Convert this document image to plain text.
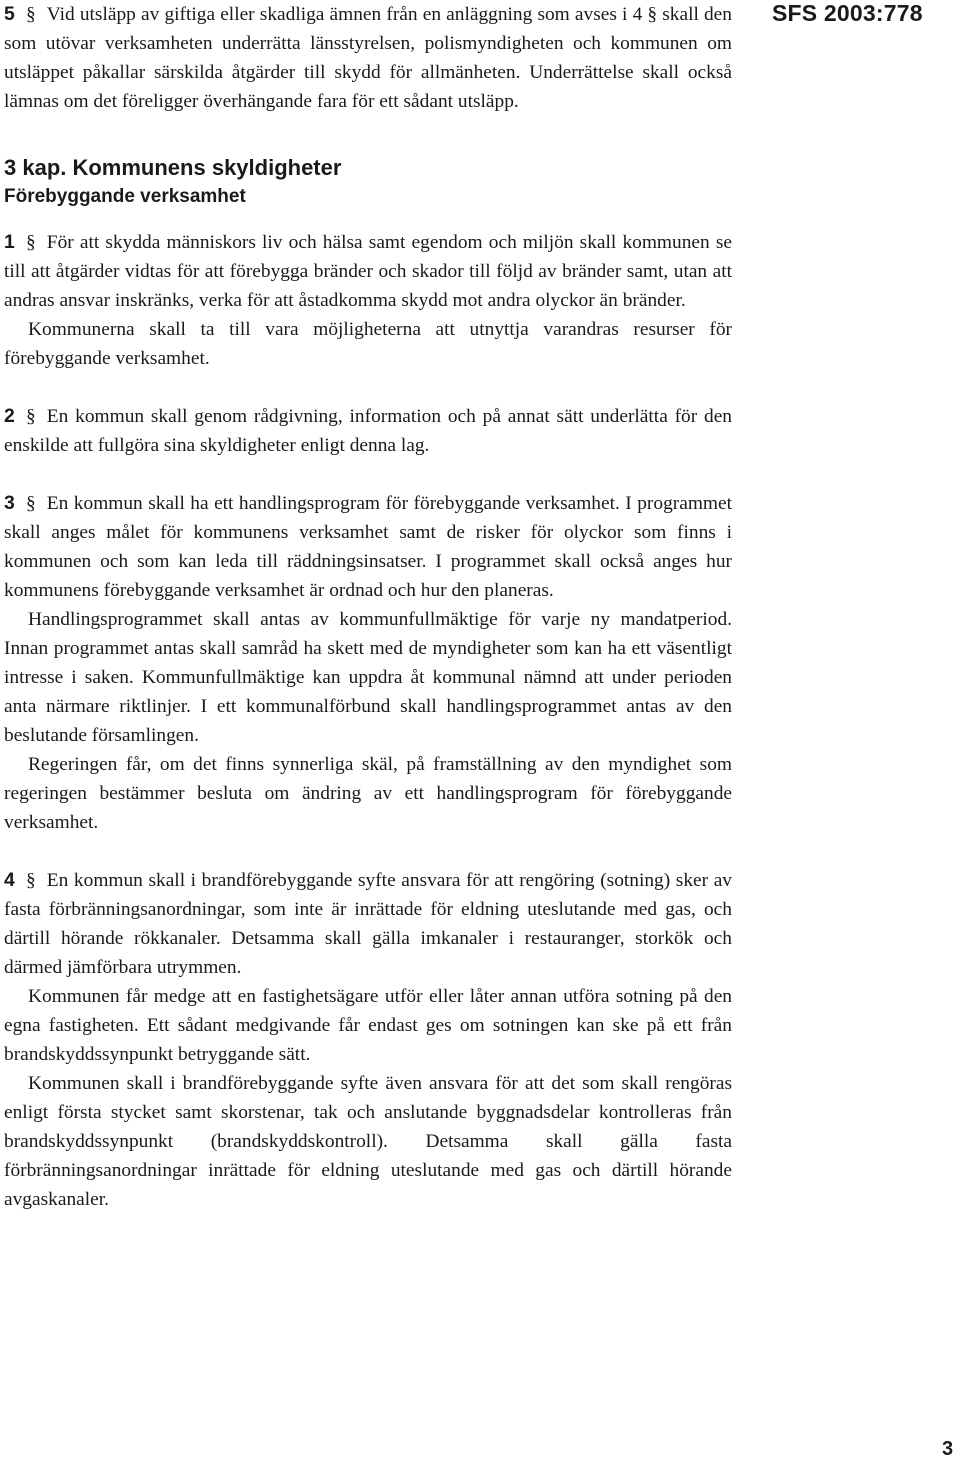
SFS 2003:778

5 § Vid utsläpp av giftiga eller skadliga ämnen från en anläggning som avses i 4 § skall den som utövar verksamheten underrätta länsstyrelsen, polismyndigheten och kommunen om utsläppet påkallar särskilda åtgärder till skydd för allmänheten. Underrättelse skall också lämnas om det föreligger överhängande fara för ett sådant utsläpp.

3 kap. Kommunens skyldigheter
Förebyggande verksamhet

1 § För att skydda människors liv och hälsa samt egendom och miljön skall kommunen se till att åtgärder vidtas för att förebygga bränder och skador till följd av bränder samt, utan att andras ansvar inskränks, verka för att åstadkomma skydd mot andra olyckor än bränder.

Kommunerna skall ta till vara möjligheterna att utnyttja varandras resurser för förebyggande verksamhet.

2 § En kommun skall genom rådgivning, information och på annat sätt underlätta för den enskilde att fullgöra sina skyldigheter enligt denna lag.

3 § En kommun skall ha ett handlingsprogram för förebyggande verksamhet. I programmet skall anges målet för kommunens verksamhet samt de risker för olyckor som finns i kommunen och som kan leda till räddningsinsatser. I programmet skall också anges hur kommunens förebyggande verksamhet är ordnad och hur den planeras.

Handlingsprogrammet skall antas av kommunfullmäktige för varje ny mandatperiod. Innan programmet antas skall samråd ha skett med de myndigheter som kan ha ett väsentligt intresse i saken. Kommunfullmäktige kan uppdra åt kommunal nämnd att under perioden anta närmare riktlinjer. I ett kommunalförbund skall handlingsprogrammet antas av den beslutande församlingen.

Regeringen får, om det finns synnerliga skäl, på framställning av den myndighet som regeringen bestämmer besluta om ändring av ett handlingsprogram för förebyggande verksamhet.

4 § En kommun skall i brandförebyggande syfte ansvara för att rengöring (sotning) sker av fasta förbränningsanordningar, som inte är inrättade för eldning uteslutande med gas, och därtill hörande rökkanaler. Detsamma skall gälla imkanaler i restauranger, storkök och därmed jämförbara utrymmen.

Kommunen får medge att en fastighetsägare utför eller låter annan utföra sotning på den egna fastigheten. Ett sådant medgivande får endast ges om sotningen kan ske på ett från brandskyddssynpunkt betryggande sätt.

Kommunen skall i brandförebyggande syfte även ansvara för att det som skall rengöras enligt första stycket samt skorstenar, tak och anslutande byggnadsdelar kontrolleras från brandskyddssynpunkt (brandskyddskontroll). Detsamma skall gälla fasta förbränningsanordningar inrättade för eldning uteslutande med gas och därtill hörande avgaskanaler.

3
